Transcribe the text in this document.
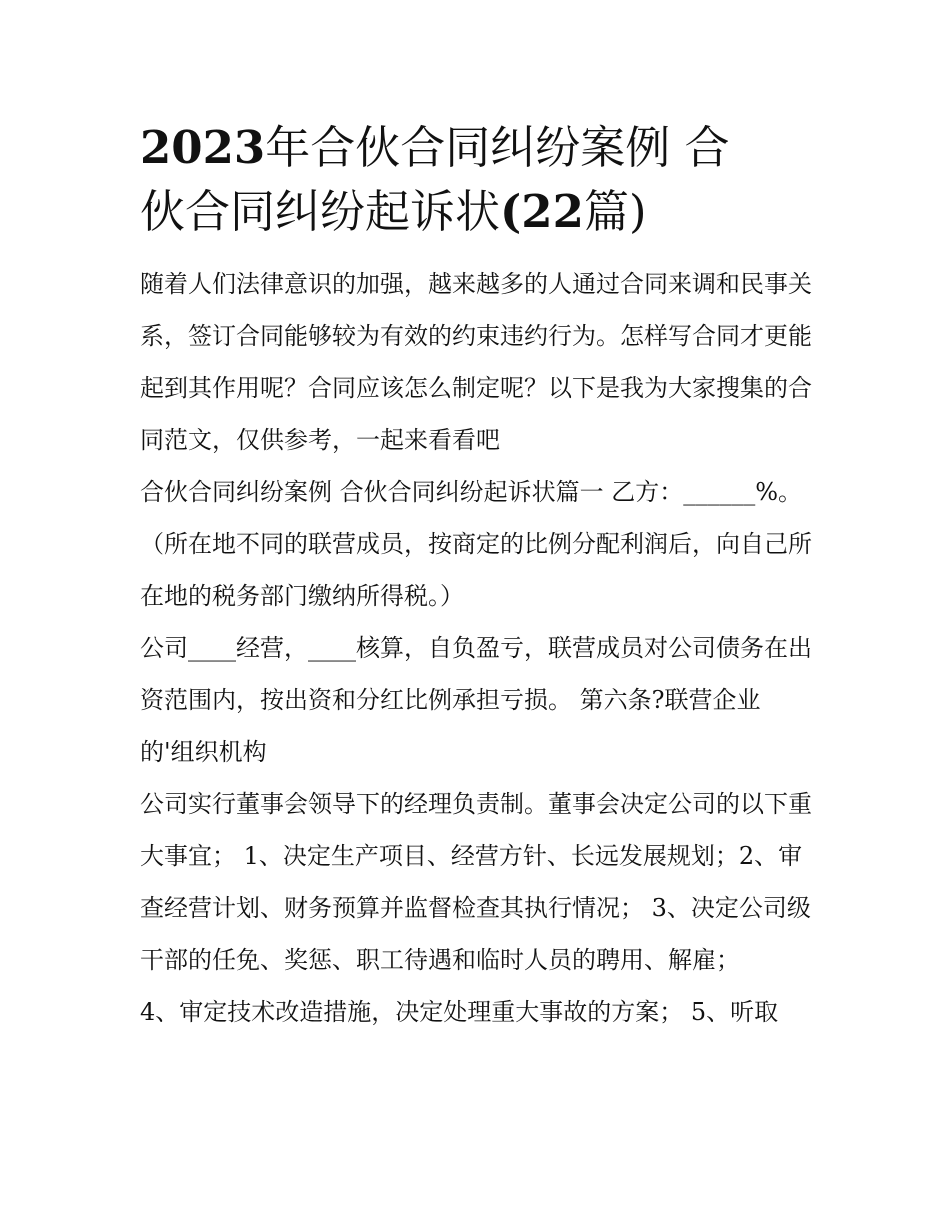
2023年合伙合同纠纷案例 合
伙合同纠纷起诉状(22篇)

随着人们法律意识的加强，越来越多的人通过合同来调和民事关系，签订合同能够较为有效的约束违约行为。怎样写合同才更能起到其作用呢？合同应该怎么制定呢？以下是我为大家搜集的合同范文，仅供参考，一起来看看吧

合伙合同纠纷案例 合伙合同纠纷起诉状篇一 乙方：______%。（所在地不同的联营成员，按商定的比例分配利润后，向自己所在地的税务部门缴纳所得税。）

公司____经营，____核算，自负盈亏，联营成员对公司债务在出资范围内，按出资和分红比例承担亏损。 第六条?联营企业的'组织机构

公司实行董事会领导下的经理负责制。董事会决定公司的以下重大事宜； 1、决定生产项目、经营方针、长远发展规划；2、审查经营计划、财务预算并监督检查其执行情况； 3、决定公司级干部的任免、奖惩、职工待遇和临时人员的聘用、解雇；

4、审定技术改造措施，决定处理重大事故的方案； 5、听取
